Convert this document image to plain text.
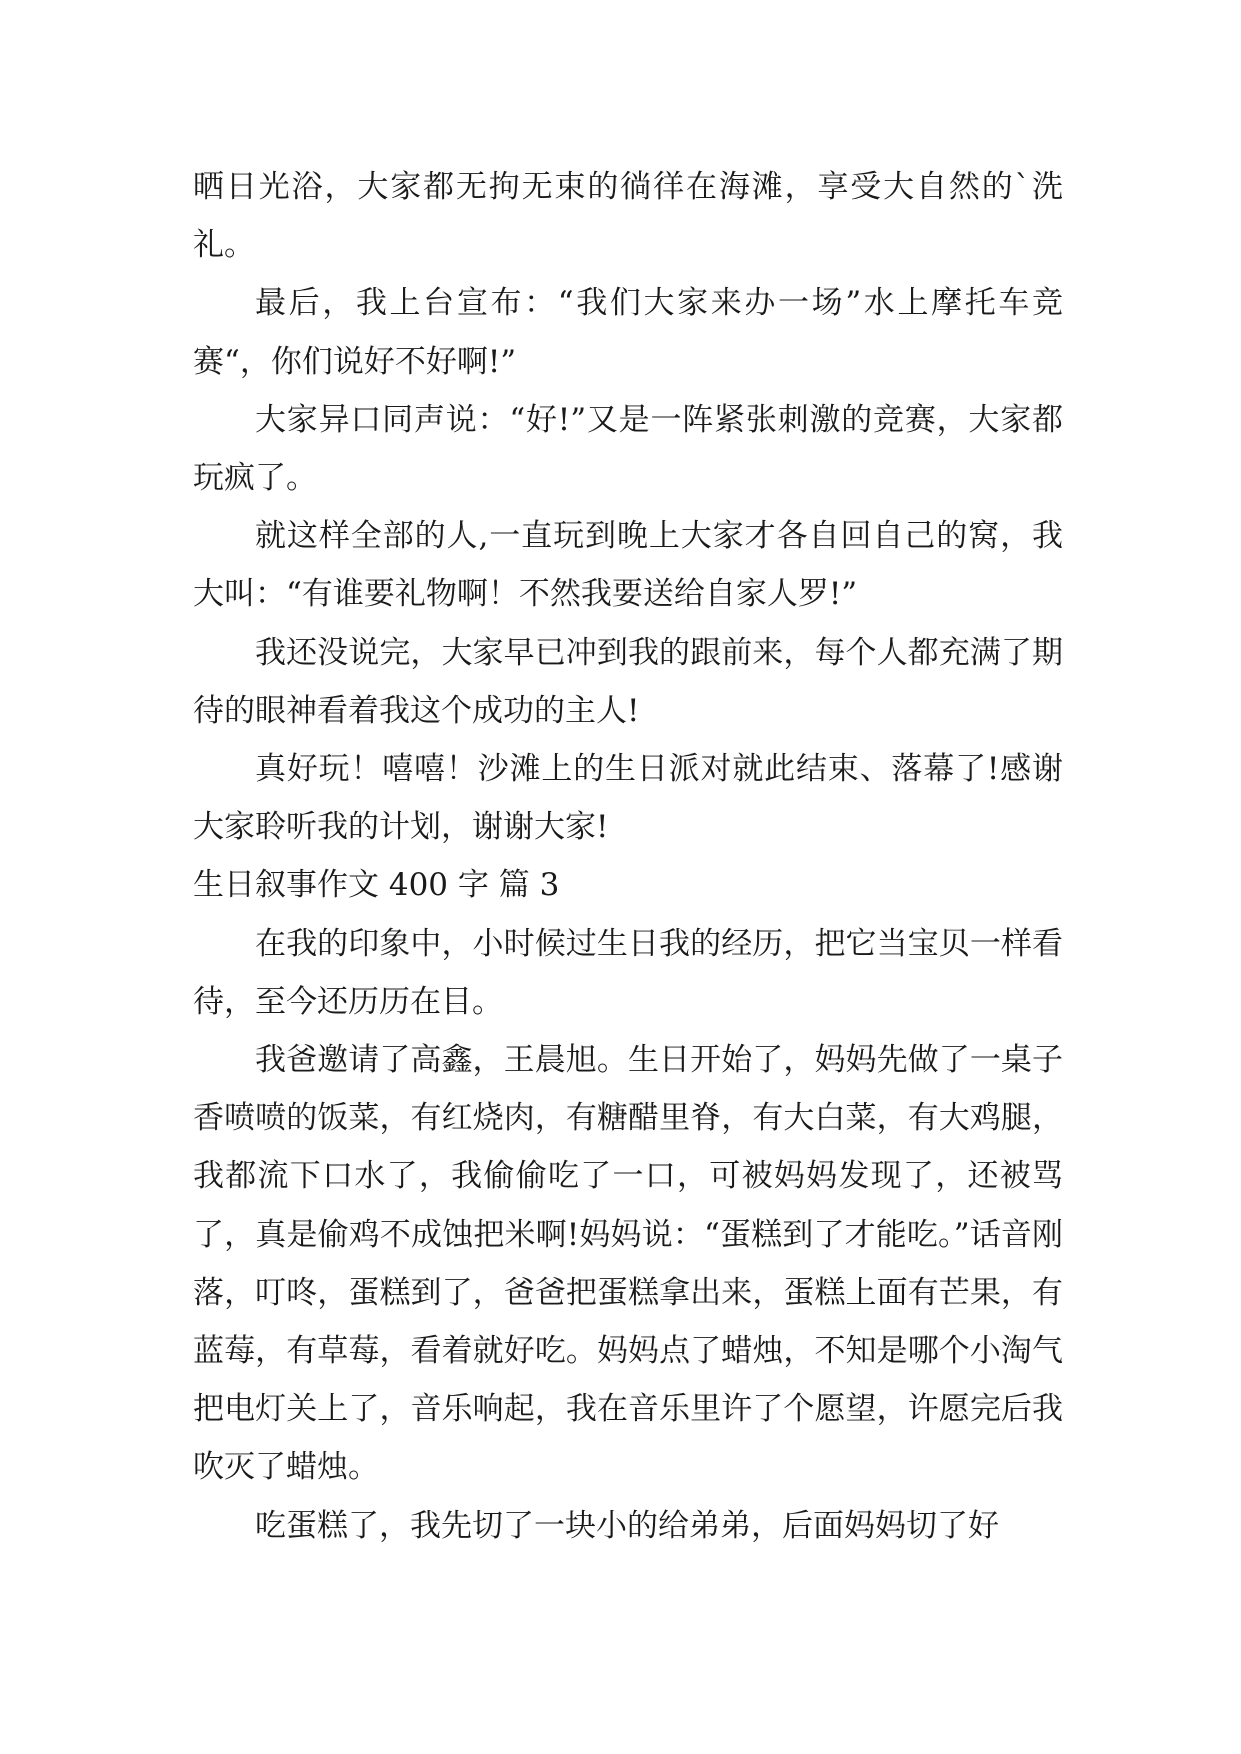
晒日光浴，大家都无拘无束的徜徉在海滩，享受大自然的`洗礼。

最后，我上台宣布：“我们大家来办一场”水上摩托车竞赛“，你们说好不好啊!”

大家异口同声说：“好!”又是一阵紧张刺激的竞赛，大家都玩疯了。

就这样全部的人,一直玩到晚上大家才各自回自己的窝，我大叫：“有谁要礼物啊！不然我要送给自家人罗!”

我还没说完，大家早已冲到我的跟前来，每个人都充满了期待的眼神看着我这个成功的主人!

真好玩！嘻嘻！沙滩上的生日派对就此结束、落幕了!感谢大家聆听我的计划，谢谢大家!

生日叙事作文 400 字 篇 3

在我的印象中，小时候过生日我的经历，把它当宝贝一样看待，至今还历历在目。

我爸邀请了高鑫，王晨旭。生日开始了，妈妈先做了一桌子香喷喷的饭菜，有红烧肉，有糖醋里脊，有大白菜，有大鸡腿，我都流下口水了，我偷偷吃了一口，可被妈妈发现了，还被骂了，真是偷鸡不成蚀把米啊!妈妈说：“蛋糕到了才能吃。”话音刚落，叮咚，蛋糕到了，爸爸把蛋糕拿出来，蛋糕上面有芒果，有蓝莓，有草莓，看着就好吃。妈妈点了蜡烛，不知是哪个小淘气把电灯关上了，音乐响起，我在音乐里许了个愿望，许愿完后我吹灭了蜡烛。

吃蛋糕了，我先切了一块小的给弟弟，后面妈妈切了好
